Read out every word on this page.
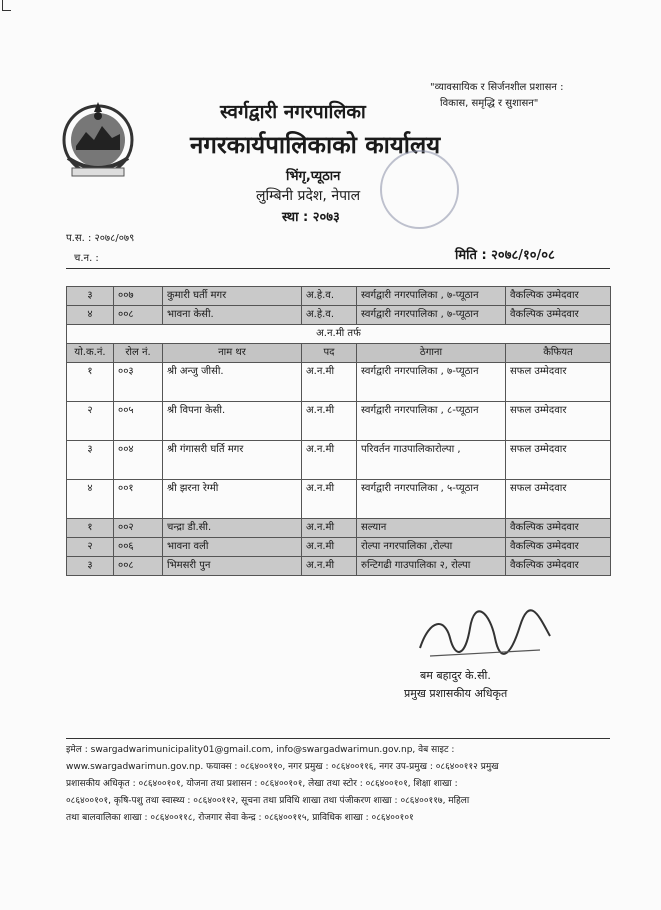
"व्यावसायिक र सिर्जनशील प्रशासन :
विकास, समृद्धि र सुशासन"
स्वर्गद्वारी नगरपालिका
नगरकार्यपालिकाको कार्यालय
भिंगृ,प्यूठान
लुम्बिनी प्रदेश, नेपाल
स्था : २०७३
प.स. : २०७८/०७९
च.न. :	मिति : २०७८/१०/०८
३	००७	कुमारी घर्ती मगर	अ.हे.व.	स्वर्गद्वारी नगरपालिका , ७-प्यूठान	वैकल्पिक उम्मेदवार
४	००८	भावना केसी.	अ.हे.व.	स्वर्गद्वारी नगरपालिका , ७-प्यूठान	वैकल्पिक उम्मेदवार
अ.न.मी तर्फ					
यो.क.नं.	रोल नं.	नाम थर	पद	ठेगाना	कैफियत
१	००३	श्री अन्जु जीसी.	अ.न.मी	स्वर्गद्वारी नगरपालिका , ७-प्यूठान	सफल उम्मेदवार
२	००५	श्री विपना केसी.	अ.न.मी	स्वर्गद्वारी नगरपालिका , ८-प्यूठान	सफल उम्मेदवार
३	००४	श्री गंगासरी घर्ति मगर	अ.न.मी	परिवर्तन गाउपालिकारोल्पा ,	सफल उम्मेदवार
४	००१	श्री झरना रेग्मी	अ.न.मी	स्वर्गद्वारी नगरपालिका , ५-प्यूठान	सफल उम्मेदवार
१	००२	चन्द्रा डी.सी.	अ.न.मी	सल्यान	वैकल्पिक उम्मेदवार
२	००६	भावना वली	अ.न.मी	रोल्पा नगरपालिका ,रोल्पा	वैकल्पिक उम्मेदवार
३	००८	भिमसरी पुन	अ.न.मी	रुन्टिगढी गाउपालिका २, रोल्पा	वैकल्पिक उम्मेदवार
बम बहादुर के.सी.
प्रमुख प्रशासकीय अधिकृत
इमेल : swargadwarimunicipality01@gmail.com, info@swargadwarimun.gov.np, वेब साइट :
www.swargadwarimun.gov.np. फयाक्स : ०८६४००११०, नगर प्रमुख : ०८६४००११६, नगर उप-प्रमुख : ०८६४००११२ प्रमुख
प्रशासकीय अधिकृत : ०८६४००१०१, योजना तथा प्रशासन : ०८६४००१०१, लेखा तथा स्टोर : ०८६४००१०१, शिक्षा शाखा :
०८६४००१०१, कृषि-पशु तथा स्वास्थ्य : ०८६४००११२, सूचना तथा प्रविधि शाखा तथा पंजीकरण शाखा : ०८६४००११७, महिला
तथा बालवालिका शाखा : ०८६४००११८, रोजगार सेवा केन्द्र : ०८६४००११५, प्राविधिक शाखा : ०८६४००१०१
